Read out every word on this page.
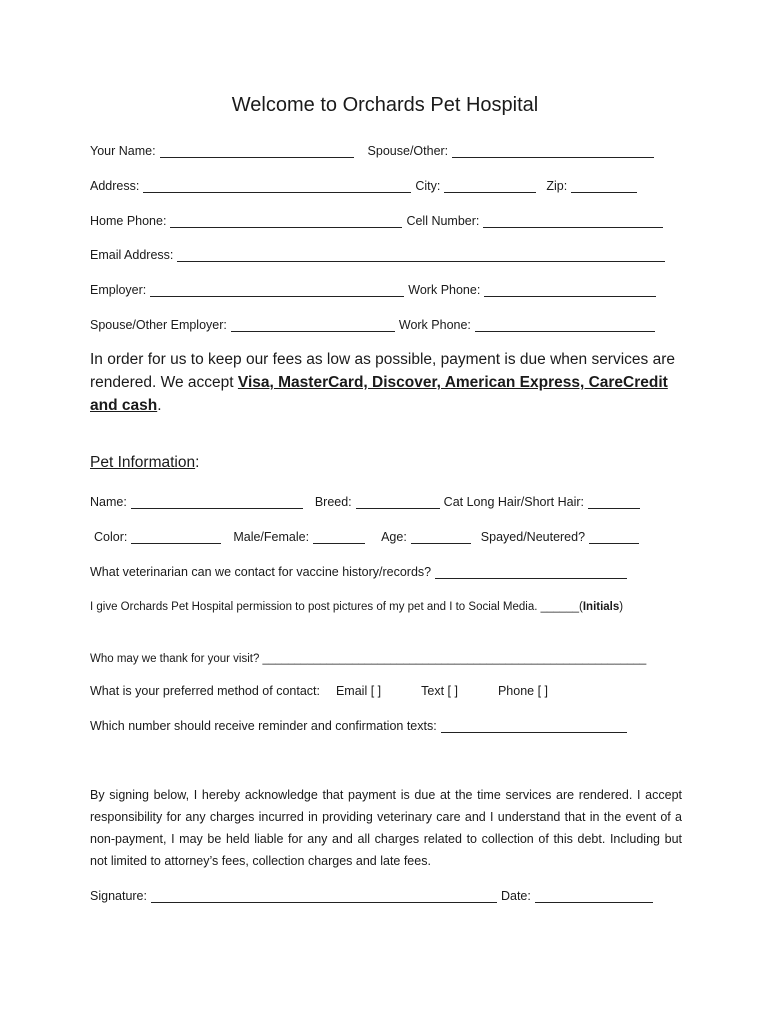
Welcome to Orchards Pet Hospital
Your Name:	Spouse/Other:
Address:	City:	Zip:
Home Phone:	Cell Number:
Email Address:
Employer:	Work Phone:
Spouse/Other Employer:	Work Phone:
In order for us to keep our fees as low as possible, payment is due when services are rendered. We accept Visa, MasterCard, Discover, American Express, CareCredit and cash.
Pet Information:
Name:	Breed:	Cat Long Hair/Short Hair:
Color:	Male/Female:	Age:	Spayed/Neutered?
What veterinarian can we contact for vaccine history/records?
I give Orchards Pet Hospital permission to post pictures of my pet and I to Social Media. ______ ( Initials )
Who may we thank for your visit? ____________________________________________________________
What is your preferred method of contact:	Email [ ]	Text [ ]	Phone [ ]
Which number should receive reminder and confirmation texts:
By signing below, I hereby acknowledge that payment is due at the time services are rendered. I accept responsibility for any charges incurred in providing veterinary care and I understand that in the event of a non-payment, I may be held liable for any and all charges related to collection of this debt. Including but not limited to attorney’s fees, collection charges and late fees.
Signature:	Date:
